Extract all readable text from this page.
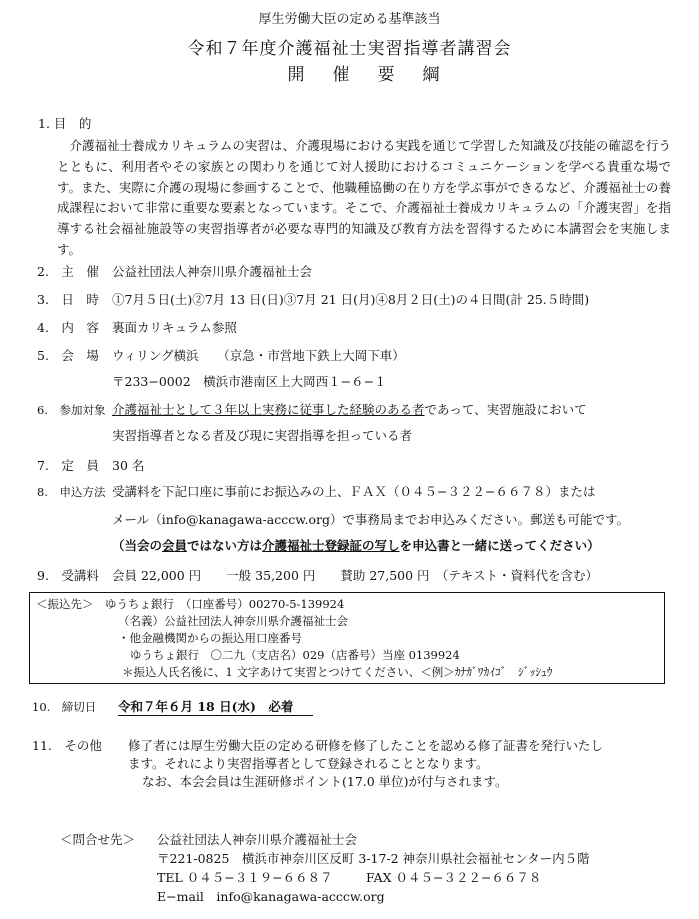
厚生労働大臣の定める基準該当
令和７年度介護福祉士実習指導者講習会
開催要綱
1. 目　的
介護福祉士養成カリキュラムの実習は、介護現場における実践を通じて学習した知識及び技能の確認を行うとともに、利用者やその家族との関わりを通じて対人援助におけるコミュニケーションを学べる貴重な場です。また、実際に介護の現場に参画することで、他職種協働の在り方を学ぶ事ができるなど、介護福祉士の養成課程において非常に重要な要素となっています。そこで、介護福祉士養成カリキュラムの「介護実習」を指導する社会福祉施設等の実習指導者が必要な専門的知識及び教育方法を習得するために本講習会を実施します。
2.　主　催 公益社団法人神奈川県介護福祉士会
3.　日　時 ①7月５日(土)②7月 13 日(日)③7月 21 日(月)④8月２日(土)の４日間(計 25.５時間)
4.　内　容 裏面カリキュラム参照
5.　会　場 ウィリング横浜　　（京急・市営地下鉄上大岡下車）
〒233−0002　横浜市港南区上大岡西１−６−１
6.　参加対象 介護福祉士として３年以上実務に従事した経験のある者であって、実習施設において
実習指導者となる者及び現に実習指導を担っている者
7.　定　員 30 名
8.　申込方法 受講料を下記口座に事前にお振込みの上、ＦＡＸ（０４５−３２２−６６７８）または
メール（info@kanagawa-acccw.org）で事務局までお申込みください。郵送も可能です。
（当会の会員ではない方は介護福祉士登録証の写しを申込書と一緒に送ってください）
9.　受講料 会員 22,000 円　　一般 35,200 円　　賛助 27,500 円　（テキスト・資料代を含む）
＜振込先＞　ゆうちょ銀行　（口座番号）00270-5-139924
（名義）公益社団法人神奈川県介護福祉士会
・他金融機関からの振込用口座番号
ゆうちょ銀行　〇二九（支店名）029（店番号）当座 0139924
＊振込人氏名後に、1 文字あけて実習とつけてください、＜例＞ｶﾅｶﾞﾜｶｲｺﾞ　ｼﾞｯｼｭｳ
10.　締切日 令和７年６月 18 日(水)　必着
11.　その他 修了者には厚生労働大臣の定める研修を修了したことを認める修了証書を発行いたし
ます。それにより実習指導者として登録されることとなります。
なお、本会会員は生涯研修ポイント(17.0 単位)が付与されます。
＜問合せ先＞ 公益社団法人神奈川県介護福祉士会
〒221-0825　横浜市神奈川区反町 3-17-2 神奈川県社会福祉センター内５階
TEL ０４５−３１９−６６８７	FAX ０４５−３２２−６６７８
E−mail　info@kanagawa-acccw.org
